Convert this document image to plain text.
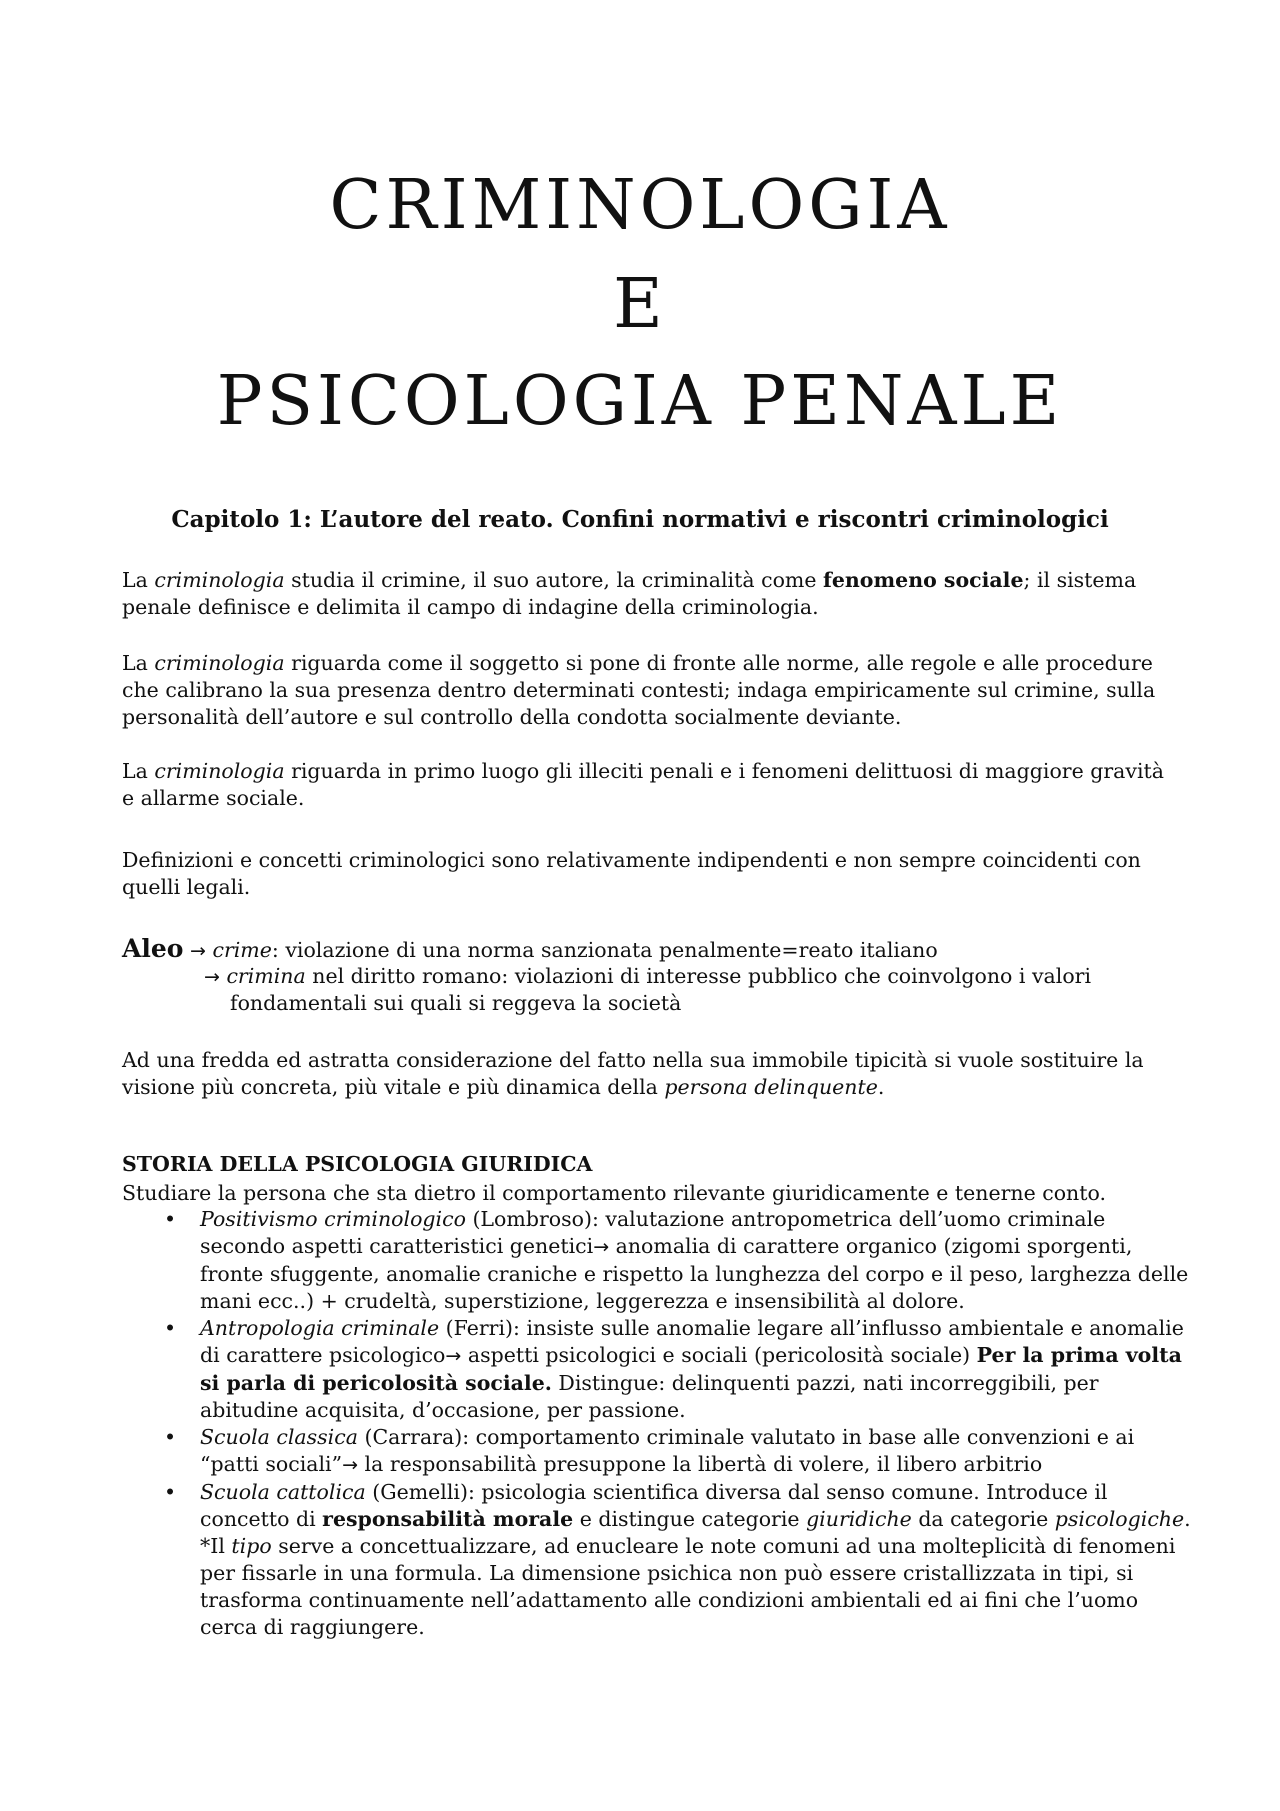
CRIMINOLOGIA
E
PSICOLOGIA PENALE
Capitolo 1: L’autore del reato. Confini normativi e riscontri criminologici

La criminologia studia il crimine, il suo autore, la criminalità come fenomeno sociale; il sistema penale definisce e delimita il campo di indagine della criminologia.

La criminologia riguarda come il soggetto si pone di fronte alle norme, alle regole e alle procedure che calibrano la sua presenza dentro determinati contesti; indaga empiricamente sul crimine, sulla personalità dell’autore e sul controllo della condotta socialmente deviante.

La criminologia riguarda in primo luogo gli illeciti penali e i fenomeni delittuosi di maggiore gravità e allarme sociale.

Definizioni e concetti criminologici sono relativamente indipendenti e non sempre coincidenti con quelli legali.

Aleo → crime: violazione di una norma sanzionata penalmente=reato italiano
→ crimina nel diritto romano: violazioni di interesse pubblico che coinvolgono i valori
fondamentali sui quali si reggeva la società

Ad una fredda ed astratta considerazione del fatto nella sua immobile tipicità si vuole sostituire la visione più concreta, più vitale e più dinamica della persona delinquente.

STORIA DELLA PSICOLOGIA GIURIDICA

Studiare la persona che sta dietro il comportamento rilevante giuridicamente e tenerne conto.

• Positivismo criminologico (Lombroso): valutazione antropometrica dell’uomo criminale secondo aspetti caratteristici genetici→ anomalia di carattere organico (zigomi sporgenti, fronte sfuggente, anomalie craniche e rispetto la lunghezza del corpo e il peso, larghezza delle mani ecc..) + crudeltà, superstizione, leggerezza e insensibilità al dolore.
• Antropologia criminale (Ferri): insiste sulle anomalie legare all’influsso ambientale e anomalie di carattere psicologico→ aspetti psicologici e sociali (pericolosità sociale) Per la prima volta si parla di pericolosità sociale. Distingue: delinquenti pazzi, nati incorreggibili, per abitudine acquisita, d’occasione, per passione.
• Scuola classica (Carrara): comportamento criminale valutato in base alle convenzioni e ai “patti sociali”→ la responsabilità presuppone la libertà di volere, il libero arbitrio
• Scuola cattolica (Gemelli): psicologia scientifica diversa dal senso comune. Introduce il concetto di responsabilità morale e distingue categorie giuridiche da categorie psicologiche. *Il tipo serve a concettualizzare, ad enucleare le note comuni ad una molteplicità di fenomeni per fissarle in una formula. La dimensione psichica non può essere cristallizzata in tipi, si trasforma continuamente nell’adattamento alle condizioni ambientali ed ai fini che l’uomo cerca di raggiungere.
